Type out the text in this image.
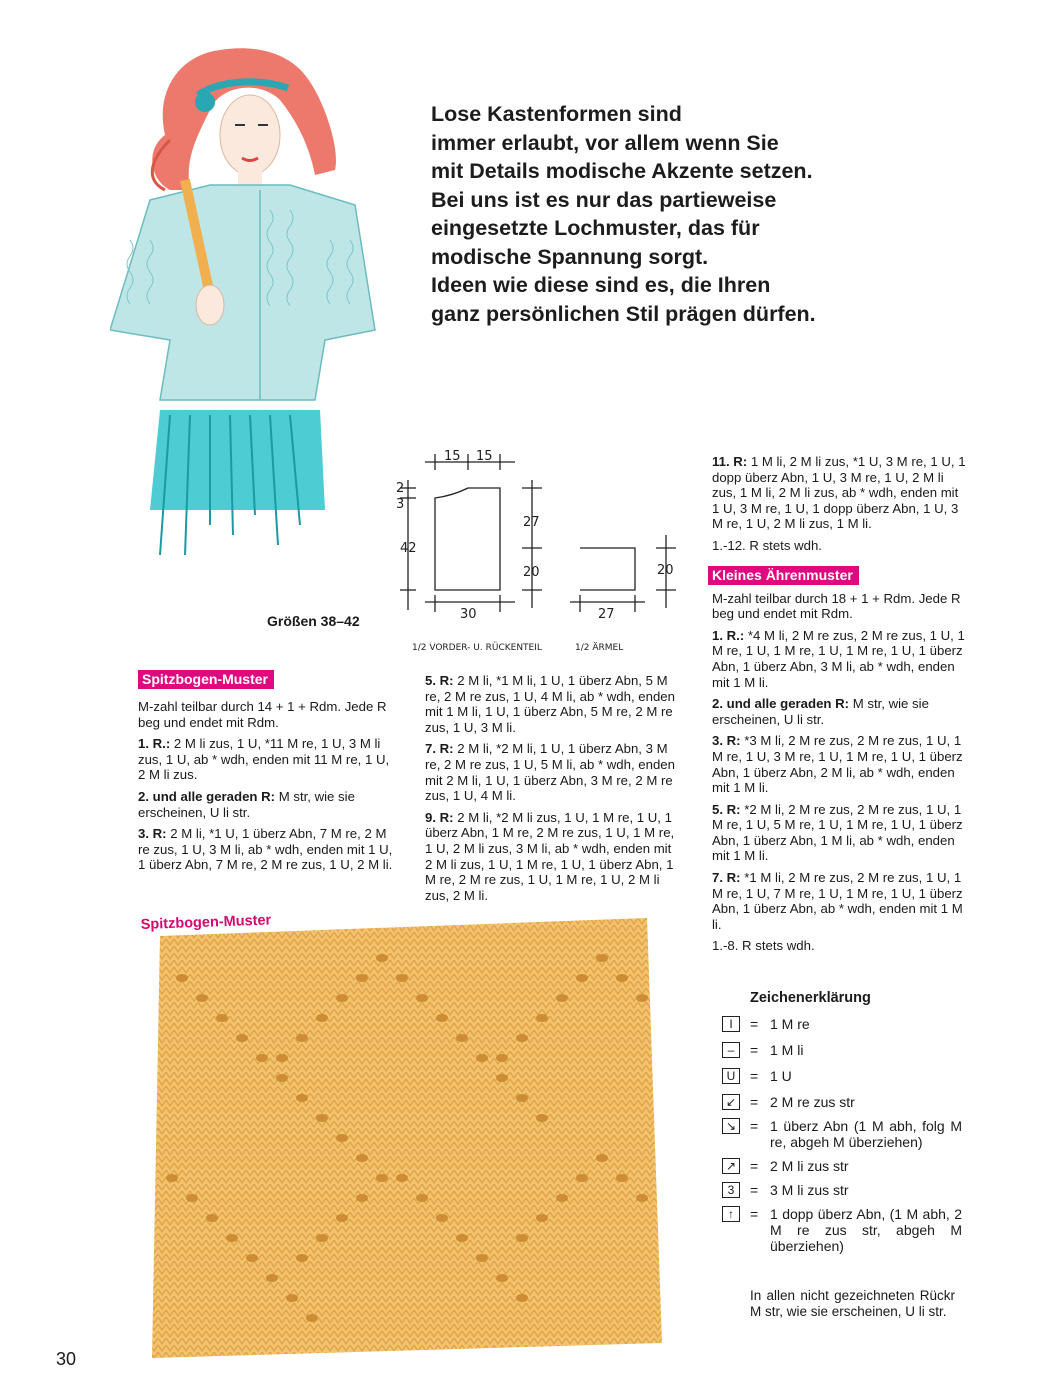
Lose Kastenformen sind
immer erlaubt, vor allem wenn Sie
mit Details modische Akzente setzen.
Bei uns ist es nur das partieweise
eingesetzte Lochmuster, das für
modische Spannung sorgt.
Ideen wie diese sind es, die Ihren
ganz persönlichen Stil prägen dürfen.
15 15
2
3
42
27
20
30
1/2 VORDER- U. RÜCKENTEIL
27
20
1/2 ÄRMEL
Größen 38–42
Spitzbogen-Muster

M-zahl teilbar durch 14 + 1 + Rdm. Jede R beg und endet mit Rdm.

1. R.: 2 M li zus, 1 U, *11 M re, 1 U, 3 M li zus, 1 U, ab * wdh, enden mit 11 M re, 1 U, 2 M li zus.

2. und alle geraden R: M str, wie sie erscheinen, U li str.

3. R: 2 M li, *1 U, 1 überz Abn, 7 M re, 2 M re zus, 1 U, 3 M li, ab * wdh, enden mit 1 U, 1 überz Abn, 7 M re, 2 M re zus, 1 U, 2 M li.

5. R: 2 M li, *1 M li, 1 U, 1 überz Abn, 5 M re, 2 M re zus, 1 U, 4 M li, ab * wdh, enden mit 1 M li, 1 U, 1 überz Abn, 5 M re, 2 M re zus, 1 U, 3 M li.

7. R: 2 M li, *2 M li, 1 U, 1 überz Abn, 3 M re, 2 M re zus, 1 U, 5 M li, ab * wdh, enden mit 2 M li, 1 U, 1 überz Abn, 3 M re, 2 M re zus, 1 U, 4 M li.

9. R: 2 M li, *2 M li zus, 1 U, 1 M re, 1 U, 1 überz Abn, 1 M re, 2 M re zus, 1 U, 1 M re, 1 U, 2 M li zus, 3 M li, ab * wdh, enden mit 2 M li zus, 1 U, 1 M re, 1 U, 1 überz Abn, 1 M re, 2 M re zus, 1 U, 1 M re, 1 U, 2 M li zus, 2 M li.

11. R: 1 M li, 2 M li zus, *1 U, 3 M re, 1 U, 1 dopp überz Abn, 1 U, 3 M re, 1 U, 2 M li zus, 1 M li, 2 M li zus, ab * wdh, enden mit 1 U, 3 M re, 1 U, 1 dopp überz Abn, 1 U, 3 M re, 1 U, 2 M li zus, 1 M li.

1.-12. R stets wdh.

Kleines Ährenmuster

M-zahl teilbar durch 18 + 1 + Rdm. Jede R beg und endet mit Rdm.

1. R.: *4 M li, 2 M re zus, 2 M re zus, 1 U, 1 M re, 1 U, 1 M re, 1 U, 1 M re, 1 U, 1 überz Abn, 1 überz Abn, 3 M li, ab * wdh, enden mit 1 M li.

2. und alle geraden R: M str, wie sie erscheinen, U li str.

3. R: *3 M li, 2 M re zus, 2 M re zus, 1 U, 1 M re, 1 U, 3 M re, 1 U, 1 M re, 1 U, 1 überz Abn, 1 überz Abn, 2 M li, ab * wdh, enden mit 1 M li.

5. R: *2 M li, 2 M re zus, 2 M re zus, 1 U, 1 M re, 1 U, 5 M re, 1 U, 1 M re, 1 U, 1 überz Abn, 1 überz Abn, 1 M li, ab * wdh, enden mit 1 M li.

7. R: *1 M li, 2 M re zus, 2 M re zus, 1 U, 1 M re, 1 U, 7 M re, 1 U, 1 M re, 1 U, 1 überz Abn, 1 überz Abn, ab * wdh, enden mit 1 M li.

1.-8. R stets wdh.

Spitzbogen-Muster
Zeichenerklärung
I	= 1 M re
–	= 1 M li
U	= 1 U
↙ = 2 M re zus str
↘ = 1 überz Abn (1 M abh, folg M re, abgeh M überziehen)
↗ = 2 M li zus str
3	= 3 M li zus str
↑	= 1 dopp überz Abn, (1 M abh, 2 M re zus str, abgeh M überziehen)
In allen nicht gezeichneten Rückr M str, wie sie erscheinen, U li str.
30
